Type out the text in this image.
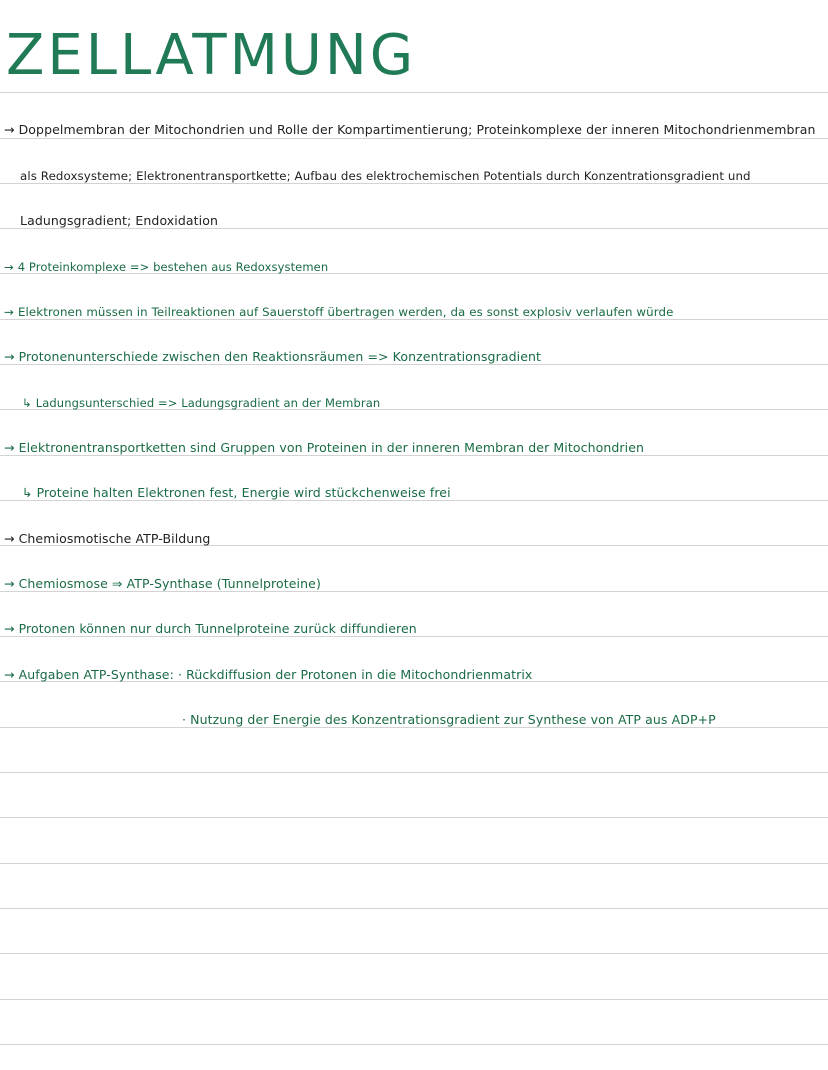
ZELLATMUNG
→ Doppelmembran der Mitochondrien und Rolle der Kompartimentierung; Proteinkomplexe der inneren Mitochondrienmembran
als Redoxsysteme; Elektronentransportkette; Aufbau des elektrochemischen Potentials durch Konzentrationsgradient und
Ladungsgradient; Endoxidation
→ 4 Proteinkomplexe => bestehen aus Redoxsystemen
→ Elektronen müssen in Teilreaktionen auf Sauerstoff übertragen werden, da es sonst explosiv verlaufen würde
→ Protonenunterschiede zwischen den Reaktionsräumen => Konzentrationsgradient
↳ Ladungsunterschied => Ladungsgradient an der Membran
→ Elektronentransportketten sind Gruppen von Proteinen in der inneren Membran der Mitochondrien
↳ Proteine halten Elektronen fest, Energie wird stückchenweise frei
→ Chemiosmotische ATP-Bildung
→ Chemiosmose ⇒ ATP-Synthase (Tunnelproteine)
→ Protonen können nur durch Tunnelproteine zurück diffundieren
→ Aufgaben ATP-Synthase: · Rückdiffusion der Protonen in die Mitochondrienmatrix
· Nutzung der Energie des Konzentrationsgradient zur Synthese von ATP aus ADP+P
